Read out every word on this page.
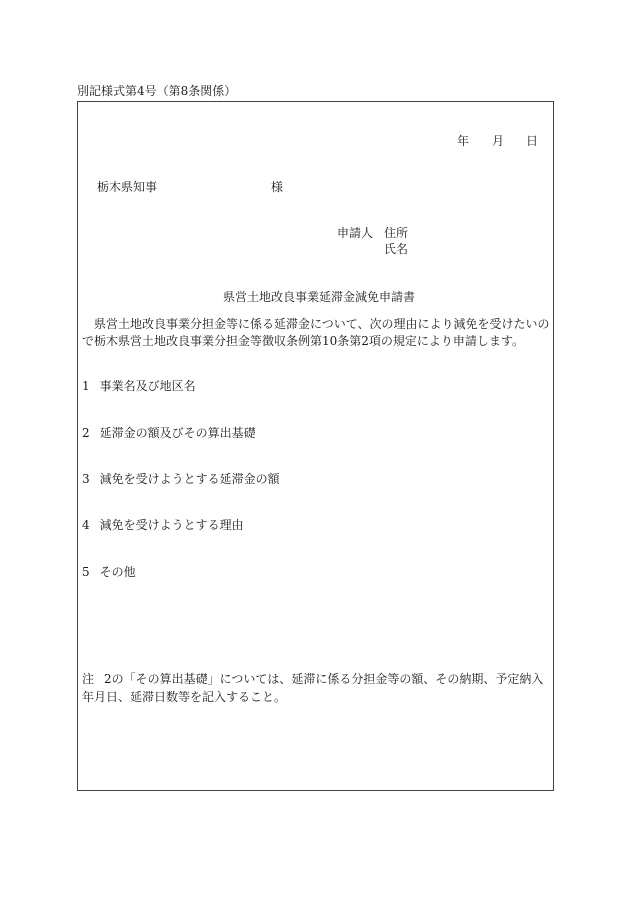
別記様式第4号（第8条関係）
年 月 日
栃木県知事	様
申請人 住所
氏名
県営土地改良事業延滞金減免申請書
　県営土地改良事業分担金等に係る延滞金について、次の理由により減免を受けたいので栃木県営土地改良事業分担金等徴収条例第10条第2項の規定により申請します。
1 事業名及び地区名
2 延滞金の額及びその算出基礎
3 減免を受けようとする延滞金の額
4 減免を受けようとする理由
5 その他
注 2の「その算出基礎」については、延滞に係る分担金等の額、その納期、予定納入年月日、延滞日数等を記入すること。
